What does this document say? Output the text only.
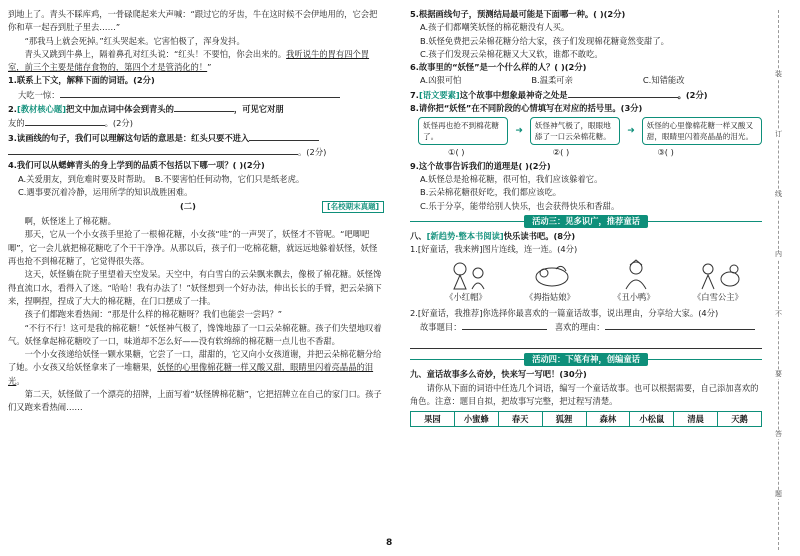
到地上了。青头不睬库鸡，一骨碌爬起来大声喊：“跟过它的牙齿，牛在这时候不会伊地用的，它会把你和草一起吞到肚子里去……”

“那我马上就会死掉。”红头哭起来。它害怕极了，浑身发抖。

青头又跳到牛鼻上，隔着鼻孔对红头说：“红头！不要怕，你会出来的。我听说牛的胃有四个胃室，前三个主要是储存食物的，第四个才是管消化的！”

1.联系上下文，解释下面的词语。(2分)

大吃一惊：

2.[教材核心题]把文中加点词中体会到青头的	，可见它对朋

友的	。(2分)

3.读画线的句子，我们可以理解这句话的意思是：红头只要不进入

。(2分)

4.我们可以从蟋蟀青头的身上学到的品质不包括以下哪一项？( )(2分)

A.关爱朋友，到危难时要及时帮助。　 B.不要害怕任何动物，它们只是纸老虎。

C.遇事要沉着冷静，运用所学的知识战胜困难。

(二)	[名校期末真题]

啊，妖怪迷上了棉花糖。

那天，它从一个小女孩手里抢了一根棉花糖，小女孩“哇”的一声哭了，妖怪才不管呢。“吧唧吧唧”，它一会儿就把棉花糖吃了个干干净净。从那以后，孩子们一吃棉花糖，就远远地躲着妖怪，妖怪再也抢不到棉花糖了，它觉得很失落。

这天，妖怪躺在院子里望着天空发呆。天空中，有白雪白的云朵飘来飘去，像极了棉花糖。妖怪馋得直流口水，看得入了迷。“哈哈！我有办法了！”妖怪想到一个好办法，伸出长长的手臂，把云朵摘下来，捏啊捏，捏成了大大的棉花糖，在门口摆成了一排。

孩子们都跑来看热闹：“那是什么样的棉花糖呀？我们也能尝一尝吗？”

“不行不行！这可是我的棉花糖！”妖怪神气极了，馋馋地舔了一口云朵棉花糖。孩子们失望地叹着气。妖怪拿起棉花糖咬了一口，味道却不怎么好——没有软绵绵的棉花糖一点儿也不香甜。

一个小女孩递给妖怪一颗水果糖，它尝了一口，甜甜的，它又向小女孩道谢，并把云朵棉花糖分给了她。小女孩又给妖怪拿来了一堆糖果，妖怪的心里像棉花糖一样又酸又甜，眼睛里闪着亮晶晶的泪光。

第二天，妖怪做了一个漂亮的招牌，上面写着“妖怪牌棉花糖”，它把招牌立在自己的家门口。孩子们又跑来看热闹……

5.根据画线句子，预测结局最可能是下面哪一种。( )(2分)

A.孩子们都嘲笑妖怪的棉花糖没有人买。

B.妖怪免费把云朵棉花糖分给大家，孩子们发现棉花糖竟然变甜了。

C.孩子们发现云朵棉花糖又大又软，谁都不敢吃。

6.故事里的“妖怪”是一个什么样的人？( )(2分)

A.凶狠可怕	B.温柔可亲	C.知错能改

7.[语文要素]这个故事中想象最神奇之处是	。(2分)

8.请你把“妖怪”在不同阶段的心情填写在对应的括号里。(3分)

妖怪再也抢不到棉花糖了。
➜	妖怪神气极了，眼眼地舔了一口云朵棉花糖。
➜	妖怪的心里像棉花糖一样又酸又甜，眼睛里闪着亮晶晶的泪光。
①( )	②( )	③( )

9.这个故事告诉我们的道理是( )(2分)

A.妖怪总是抢棉花糖，很可怕，我们应该躲着它。

B.云朵棉花糖很好吃，我们都应该吃。

C.乐于分享，能带给别人快乐，也会获得快乐和香甜。

活动三：见多识广，推荐童话

八、[新趋势·整本书阅读]快乐读书吧。(8分)

1.[好童话，我来辨]图片连线，连一连。(4分)

《小红帽》	《拇指姑娘》	《丑小鸭》	《白雪公主》

2.[好童话，我推荐]你选择你最喜欢的一篇童话故事，说出理由，分享给大家。(4分)

故事题目：　	喜欢的理由：

活动四：下笔有神，创编童话

九、童话故事多么奇妙，快来写一写吧！(30分)

请你从下面的词语中任选几个词语，编写一个童话故事。也可以根据需要，自己添加喜欢的角色。注意：题目自拟，把故事写完整，把过程写清楚。

果园	小蜜蜂	春天	狐狸	森林	小松鼠	清晨	天鹅
8
装
订
线
内
不
要
答
题
